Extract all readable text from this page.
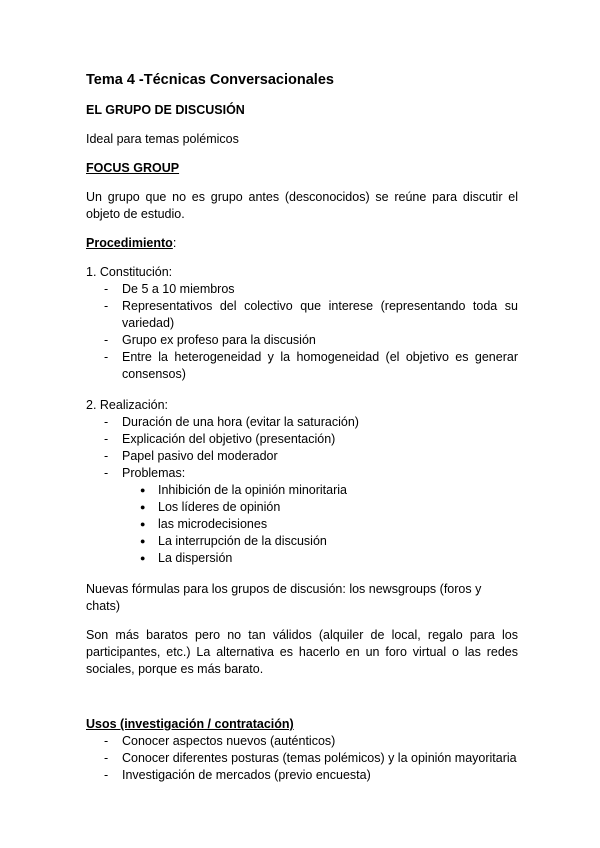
Tema 4 -Técnicas Conversacionales
EL GRUPO DE DISCUSIÓN

Ideal para temas polémicos

FOCUS GROUP

Un grupo que no es grupo antes (desconocidos) se reúne para discutir el objeto de estudio.

Procedimiento:

1. Constitución:
- De 5 a 10 miembros
- Representativos del colectivo que interese (representando toda su variedad)
- Grupo ex profeso para la discusión
- Entre la heterogeneidad y la homogeneidad (el objetivo es generar consensos)
2. Realización:
- Duración de una hora (evitar la saturación)
- Explicación del objetivo (presentación)
- Papel pasivo del moderador
- Problemas:
● Inhibición de la opinión minoritaria
● Los líderes de opinión
● las microdecisiones
● La interrupción de la discusión
● La dispersión

Nuevas fórmulas para los grupos de discusión: los newsgroups (foros y chats)

Son más baratos pero no tan válidos (alquiler de local, regalo para los participantes, etc.) La alternativa es hacerlo en un foro virtual o las redes sociales, porque es más barato.

Usos (investigación / contratación)
- Conocer aspectos nuevos (auténticos)
- Conocer diferentes posturas (temas polémicos) y la opinión mayoritaria
- Investigación de mercados (previo encuesta)
